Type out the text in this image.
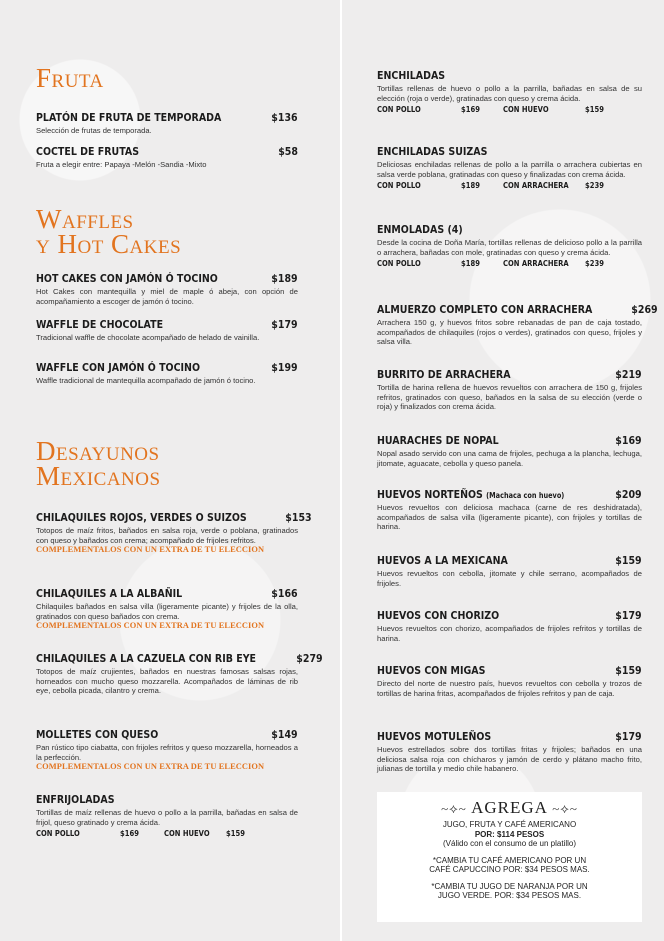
Fruta
PLATÓN DE FRUTA DE TEMPORADA	$136
Selección de frutas de temporada.
COCTEL DE FRUTAS	$58
Fruta a elegir entre: Papaya -Melón -Sandia -Mixto
Waffles
y Hot Cakes
HOT CAKES CON JAMÓN Ó TOCINO	$189
Hot Cakes con mantequilla y miel de maple ó abeja, con opción de acompañamiento a escoger de jamón ó tocino.
WAFFLE DE CHOCOLATE	$179
Tradicional waffle de chocolate acompañado de helado de vainilla.
WAFFLE CON JAMÓN Ó TOCINO	$199
Waffle tradicional de mantequilla acompañado de jamón ó tocino.
Desayunos
Mexicanos
CHILAQUILES ROJOS, VERDES O SUIZOS	$153
Totopos de maíz fritos, bañados en salsa roja, verde o poblana, gratinados con queso y bañados con crema; acompañado de frijoles refritos.
COMPLEMENTALOS CON UN EXTRA DE TU ELECCION
CHILAQUILES A LA ALBAÑIL	$166
Chilaquiles bañados en salsa villa (ligeramente picante) y frijoles de la olla, gratinados con queso bañados con crema.
COMPLEMENTALOS CON UN EXTRA DE TU ELECCION
CHILAQUILES A LA CAZUELA CON RIB EYE	$279
Totopos de maíz crujientes, bañados en nuestras famosas salsas rojas, horneados con mucho queso mozzarella. Acompañados de láminas de rib eye, cebolla picada, cilantro y crema.
MOLLETES CON QUESO	$149
Pan rústico tipo ciabatta, con frijoles refritos y queso mozzarella, horneados a la perfección.
COMPLEMENTALOS CON UN EXTRA DE TU ELECCION
ENFRIJOLADAS
Tortillas de maíz rellenas de huevo o pollo a la parrilla, bañadas en salsa de frijol, queso gratinado y crema ácida.
CON POLLO	$169	CON HUEVO	$159
ENCHILADAS
Tortillas rellenas de huevo o pollo a la parrilla, bañadas en salsa de su elección (roja o verde), gratinadas con queso y crema ácida.
CON POLLO	$169	CON HUEVO	$159
ENCHILADAS SUIZAS
Deliciosas enchiladas rellenas de pollo a la parrilla o arrachera cubiertas en salsa verde poblana, gratinadas con queso y finalizadas con crema ácida.
CON POLLO	$189	CON ARRACHERA	$239
ENMOLADAS (4)
Desde la cocina de Doña María, tortillas rellenas de delicioso pollo a la parrilla o arrachera, bañadas con mole, gratinadas con queso y crema ácida.
CON POLLO	$189	CON ARRACHERA	$239
ALMUERZO COMPLETO CON ARRACHERA	$269
Arrachera 150 g, y huevos fritos sobre rebanadas de pan de caja tostado, acompañados de chilaquiles (rojos o verdes), gratinados con queso, frijoles y salsa villa.
BURRITO DE ARRACHERA	$219
Tortilla de harina rellena de huevos revueltos con arrachera de 150 g, frijoles refritos, gratinados con queso, bañados en la salsa de su elección (verde o roja) y finalizados con crema ácida.
HUARACHES DE NOPAL	$169
Nopal asado servido con una cama de frijoles, pechuga a la plancha, lechuga, jitomate, aguacate, cebolla y queso panela.
HUEVOS NORTEÑOS (Machaca con huevo)	$209
Huevos revueltos con deliciosa machaca (carne de res deshidratada), acompañados de salsa villa (ligeramente picante), con frijoles y tortillas de harina.
HUEVOS A LA MEXICANA	$159
Huevos revueltos con cebolla, jitomate y chile serrano, acompañados de frijoles.
HUEVOS CON CHORIZO	$179
Huevos revueltos con chorizo, acompañados de frijoles refritos y tortillas de harina.
HUEVOS CON MIGAS	$159
Directo del norte de nuestro país, huevos revueltos con cebolla y trozos de tortillas de harina fritas, acompañados de frijoles refritos y pan de caja.
HUEVOS MOTULEÑOS	$179
Huevos estrellados sobre dos tortillas fritas y frijoles; bañados en una deliciosa salsa roja con chícharos y jamón de cerdo y plátano macho frito, julianas de tortilla y medio chile habanero.
~⟡~ AGREGA ~⟡~

JUGO, FRUTA Y CAFÉ AMERICANO

POR: $114 PESOS

(Válido con el consumo de un platillo)

*CAMBIA TU CAFÉ AMERICANO POR UN

CAFÉ CAPUCCINO POR: $34 PESOS MAS.

*CAMBIA TU JUGO DE NARANJA POR UN

JUGO VERDE. POR: $34 PESOS MAS.
